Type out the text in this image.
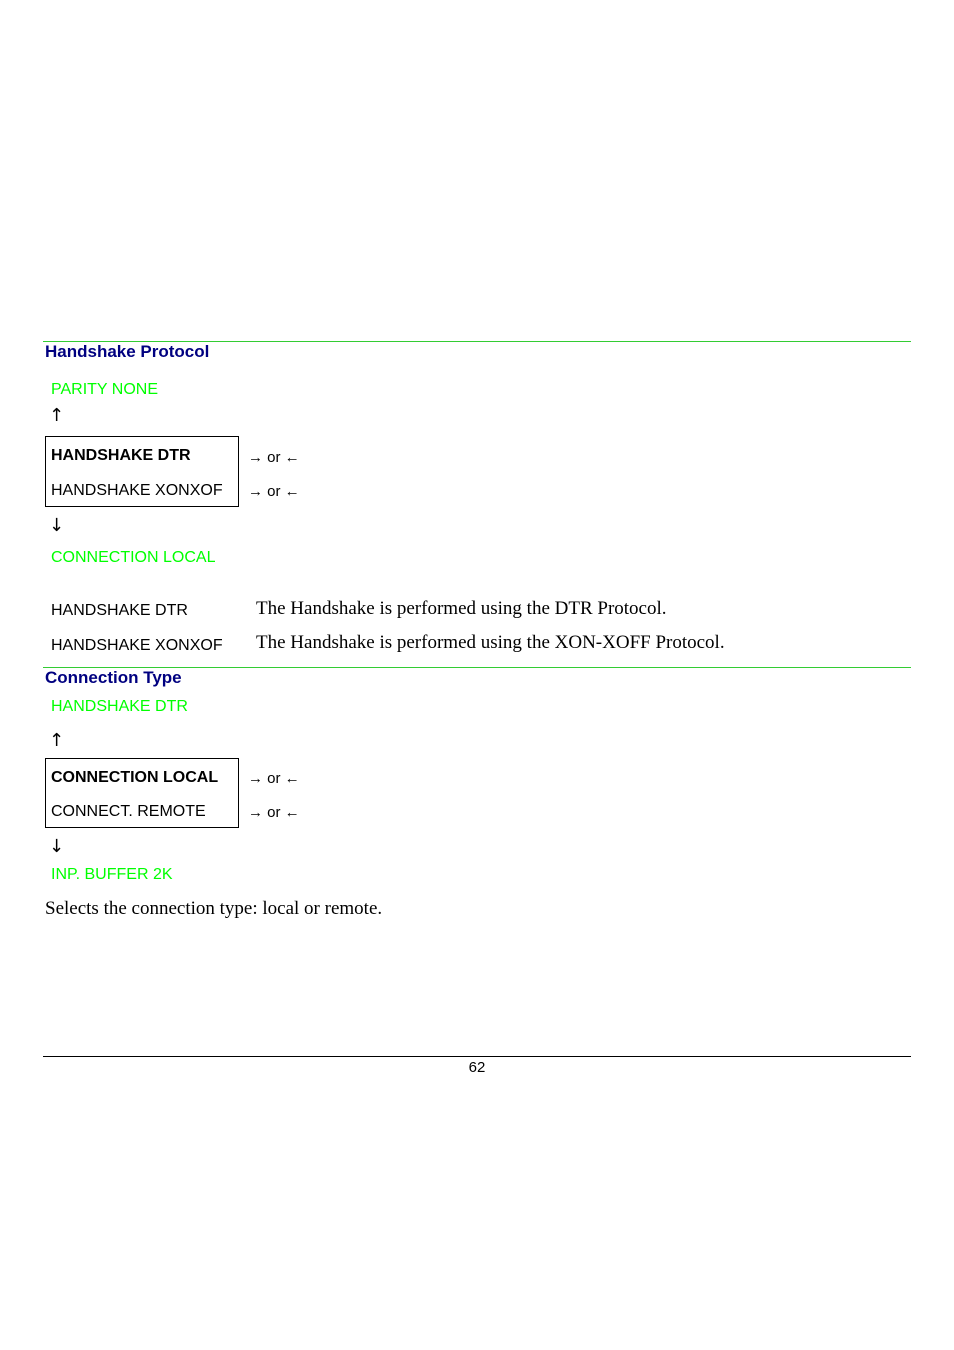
Handshake Protocol
PARITY NONE
↑
HANDSHAKE DTR
HANDSHAKE XONXOF
→ or ←
→ or ←
↓
CONNECTION LOCAL
HANDSHAKE DTR	The Handshake is performed using the DTR Protocol.
HANDSHAKE XONXOF The Handshake is performed using the XON-XOFF Protocol.
Connection Type
HANDSHAKE DTR
↑
CONNECTION LOCAL
CONNECT. REMOTE
→ or ←
→ or ←
↓
INP. BUFFER 2K
Selects the connection type: local or remote.
62
